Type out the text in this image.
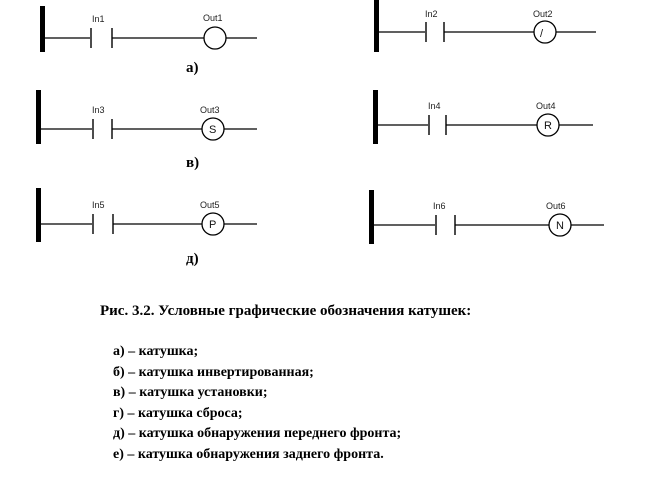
In1	Out1
/
In2	Out2
S
In3	Out3
R
In4	Out4
P
In5	Out5
N
In6	Out6
а)
в)
д)
Рис. 3.2. Условные графические обозначения катушек:
а) – катушка;
б) – катушка инвертированная;
в) – катушка установки;
г) – катушка сброса;
д) – катушка обнаружения переднего фронта;
е) – катушка обнаружения заднего фронта.
